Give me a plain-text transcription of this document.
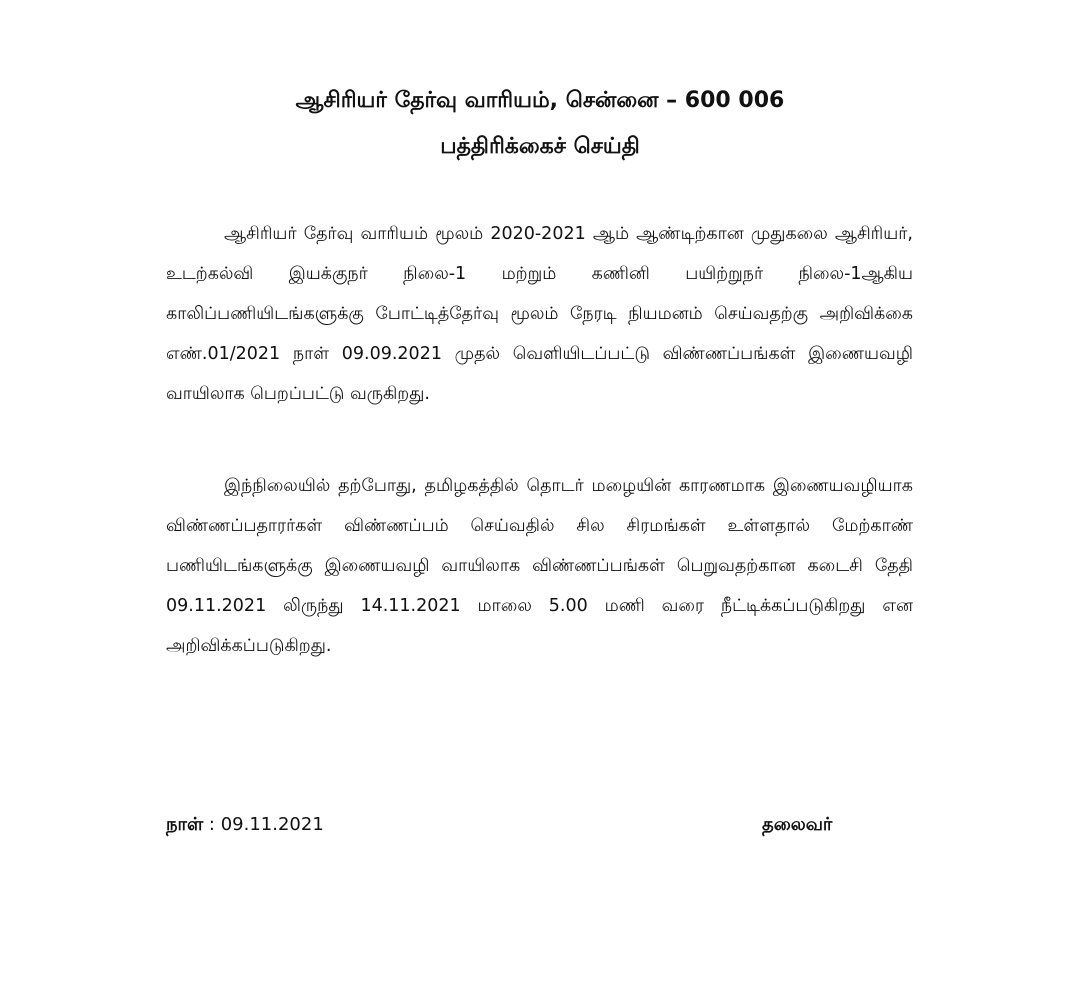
ஆசிரியர் தேர்வு வாரியம், சென்னை – 600 006
பத்திரிக்கைச் செய்தி
ஆசிரியர் தேர்வு வாரியம் மூலம் 2020-2021 ஆம் ஆண்டிற்கான முதுகலை ஆசிரியர், உடற்கல்வி இயக்குநர் நிலை-1 மற்றும் கணினி பயிற்றுநர் நிலை-1ஆகிய காலிப்பணியிடங்களுக்கு போட்டித்தேர்வு மூலம் நேரடி நியமனம் செய்வதற்கு அறிவிக்கை எண்.01/2021 நாள் 09.09.2021 முதல் வெளியிடப்பட்டு விண்ணப்பங்கள் இணையவழி வாயிலாக பெறப்பட்டு வருகிறது.
இந்நிலையில் தற்போது, தமிழகத்தில் தொடர் மழையின் காரணமாக இணையவழியாக விண்ணப்பதாரர்கள் விண்ணப்பம் செய்வதில் சில சிரமங்கள் உள்ளதால் மேற்காண் பணியிடங்களுக்கு இணையவழி வாயிலாக விண்ணப்பங்கள் பெறுவதற்கான கடைசி தேதி 09.11.2021 லிருந்து 14.11.2021 மாலை 5.00 மணி வரை நீட்டிக்கப்படுகிறது என அறிவிக்கப்படுகிறது.
நாள் : 09.11.2021	தலைவர்
